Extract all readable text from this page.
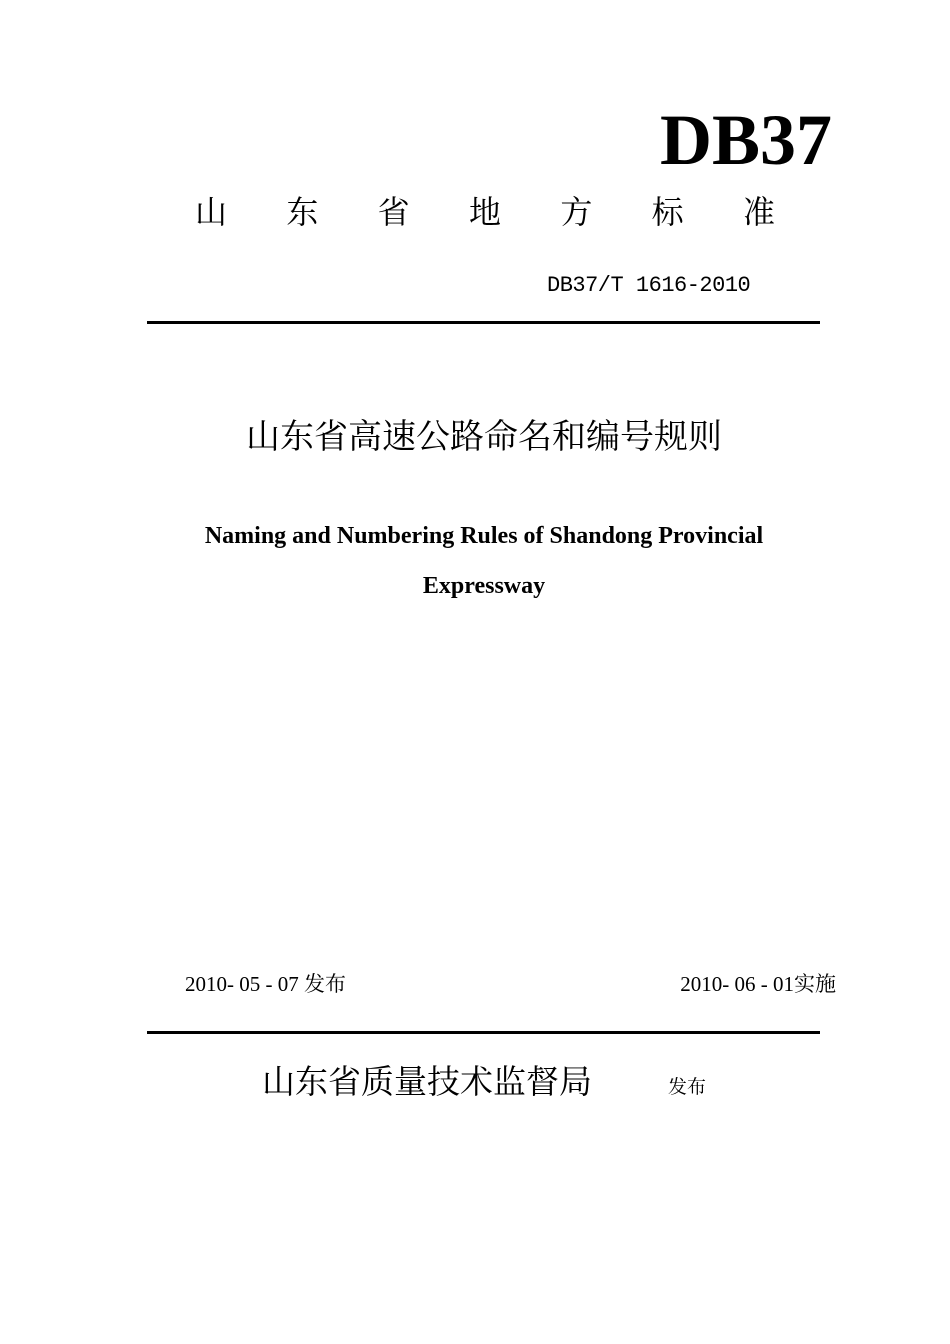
DB37
山 东 省 地 方 标 准
DB37/T 1616-2010
山东省高速公路命名和编号规则
Naming and Numbering Rules of Shandong Provincial
Expressway
2010- 05 - 07 发布	2010- 06 - 01实施
山东省质量技术监督局	发布
